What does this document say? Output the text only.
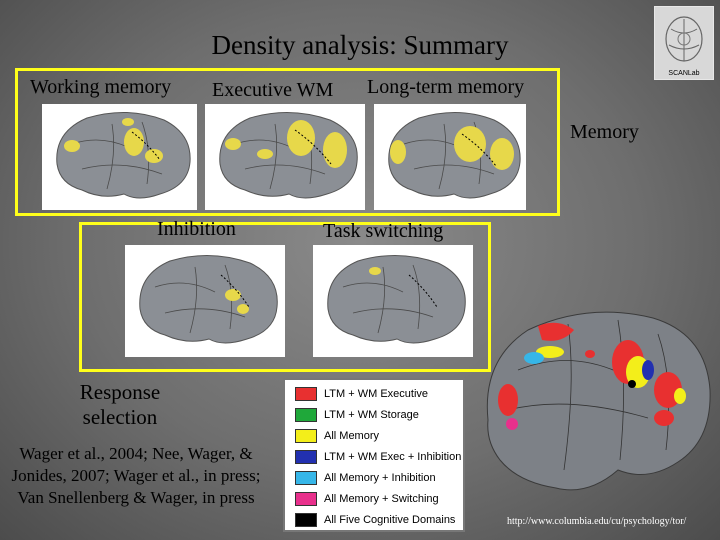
Density analysis: Summary
SCANLab
Working memory Executive WM Long-term memory
Memory
Inhibition	Task switching
Response selection
Wager et al., 2004; Nee, Wager, & Jonides, 2007; Wager et al., in press; Van Snellenberg & Wager, in press
LTM + WM Executive
LTM + WM Storage
All Memory
LTM + WM Exec + Inhibition
All Memory + Inhibition
All Memory + Switching
All Five Cognitive Domains	http://www.columbia.edu/cu/psychology/tor/
